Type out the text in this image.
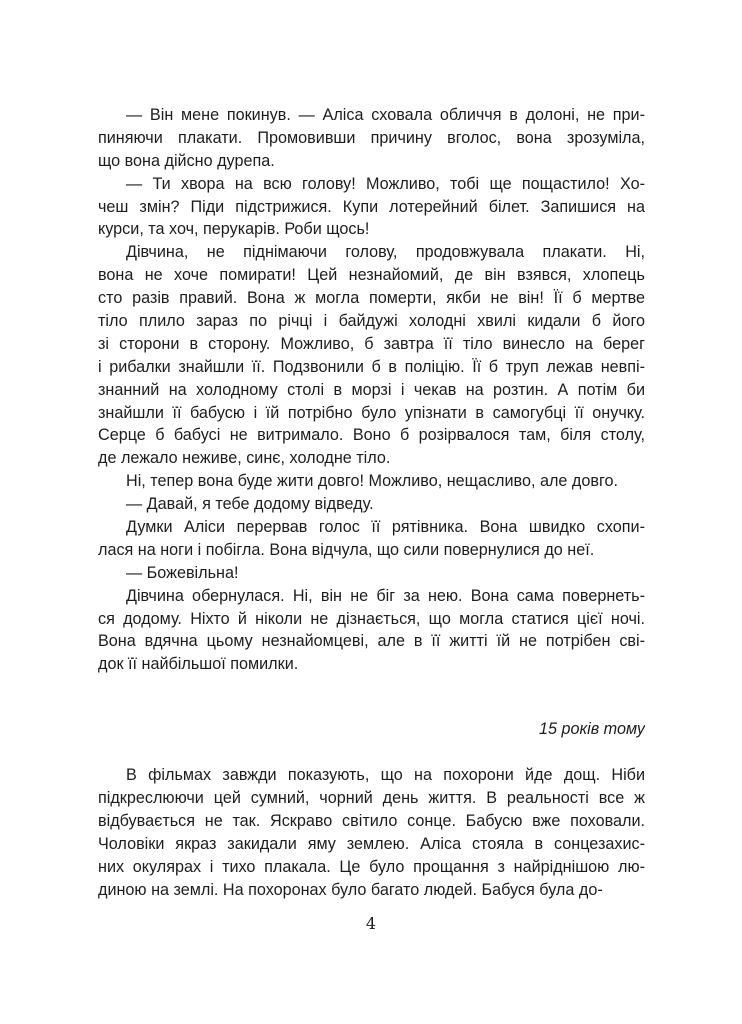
— Він мене покинув. — Аліса сховала обличчя в долоні, не при-
пиняючи плакати. Промовивши причину вголос, вона зрозуміла,
що вона дійсно дурепа.
— Ти хвора на всю голову! Можливо, тобі ще пощастило! Хо-
чеш змін? Піди підстрижися. Купи лотерейний білет. Запишися на
курси, та хоч, перукарів. Роби щось!
Дівчина, не піднімаючи голову, продовжувала плакати. Ні,
вона не хоче помирати! Цей незнайомий, де він взявся, хлопець
сто разів правий. Вона ж могла померти, якби не він! Її б мертве
тіло плило зараз по річці і байдужі холодні хвилі кидали б його
зі сторони в сторону. Можливо, б завтра її тіло винесло на берег
і рибалки знайшли її. Подзвонили б в поліцію. Її б труп лежав невпі-
знанний на холодному столі в морзі і чекав на розтин. А потім би
знайшли її бабусю і їй потрібно було упізнати в самогубці її онучку.
Серце б бабусі не витримало. Воно б розірвалося там, біля столу,
де лежало неживе, синє, холодне тіло.
Ні, тепер вона буде жити довго! Можливо, нещасливо, але довго.
— Давай, я тебе додому відведу.
Думки Аліси перервав голос її рятівника. Вона швидко схопи-
лася на ноги і побігла. Вона відчула, що сили повернулися до неї.
— Божевільна!
Дівчина обернулася. Ні, він не біг за нею. Вона сама повернеть-
ся додому. Ніхто й ніколи не дізнається, що могла статися цієї ночі.
Вона вдячна цьому незнайомцеві, але в її житті їй не потрібен сві-
док її найбільшої помилки.
15 років тому
В фільмах завжди показують, що на похорони йде дощ. Ніби
підкреслюючи цей сумний, чорний день життя. В реальності все ж
відбувається не так. Яскраво світило сонце. Бабусю вже поховали.
Чоловіки якраз закидали яму землею. Аліса стояла в сонцезахис-
них окулярах і тихо плакала. Це було прощання з найріднішою лю-
диною на землі. На похоронах було багато людей. Бабуся була до-
4
